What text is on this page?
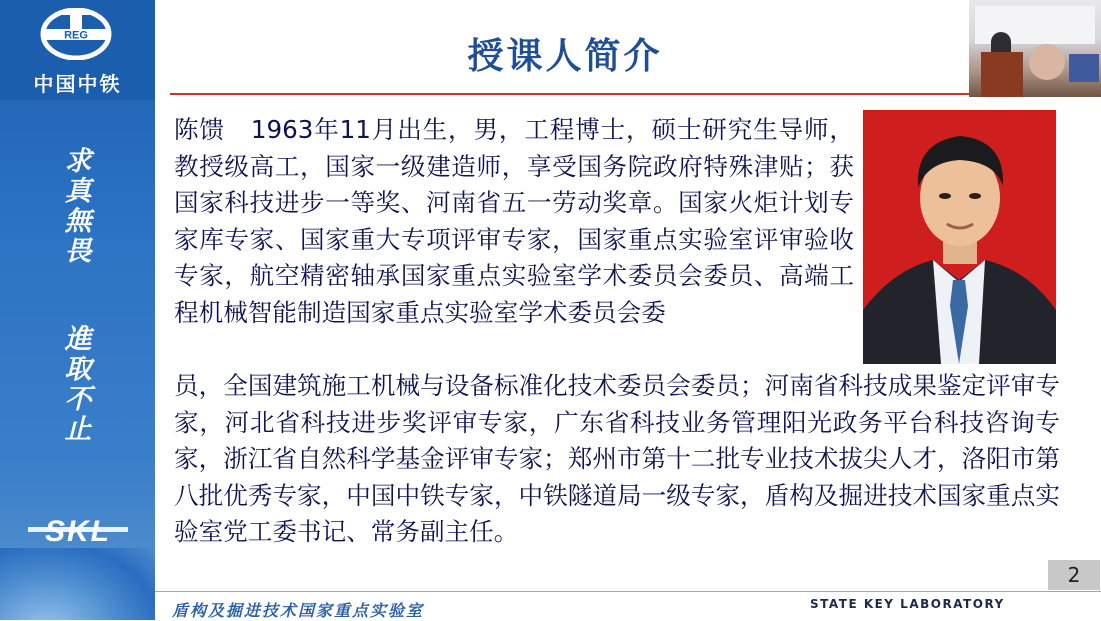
REG
中国中铁
求
真
無
畏
進
取
不
止
SKL
授课人简介

陈馈 1963年11月出生，男，工程博士，硕士研究生导师，教授级高工，国家一级建造师，享受国务院政府特殊津贴；获国家科技进步一等奖、河南省五一劳动奖章。国家火炬计划专家库专家、国家重大专项评审专家，国家重点实验室评审验收专家，航空精密轴承国家重点实验室学术委员会委员、高端工程机械智能制造国家重点实验室学术委员会委

员，全国建筑施工机械与设备标准化技术委员会委员；河南省科技成果鉴定评审专家，河北省科技进步奖评审专家，广东省科技业务管理阳光政务平台科技咨询专家，浙江省自然科学基金评审专家；郑州市第十二批专业技术拔尖人才，洛阳市第八批优秀专家，中国中铁专家，中铁隧道局一级专家，盾构及掘进技术国家重点实验室党工委书记、常务副主任。

2
盾构及掘进技术国家重点实验室	STATE KEY LABORATORY
